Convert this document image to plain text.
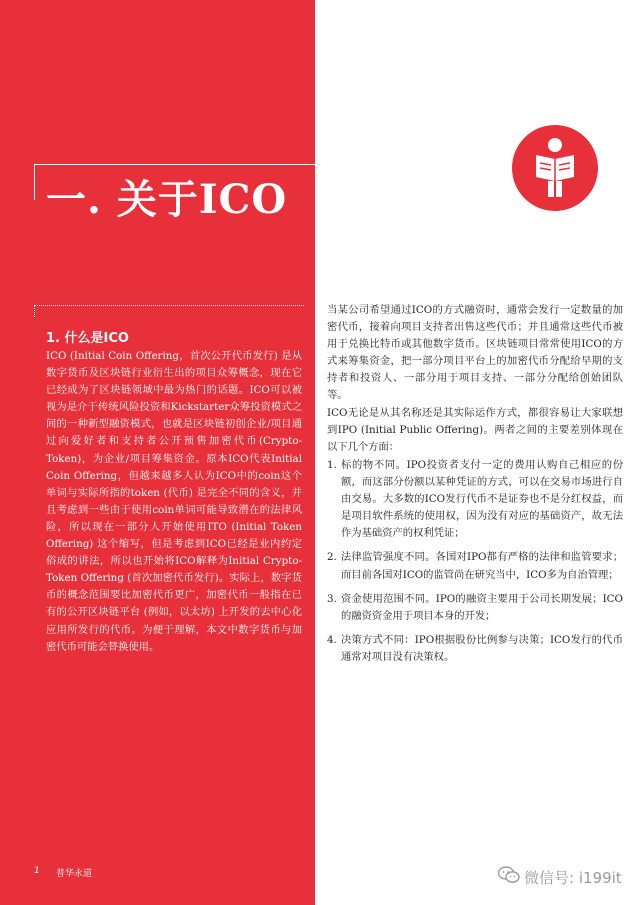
一. 关于ICO
1. 什么是ICO

ICO (Initial Coin Offering，首次公开代币发行) 是从数字货币及区块链行业衍生出的项目众筹概念，现在它已经成为了区块链领域中最为热门的话题。ICO可以被视为是介于传统风险投资和Kickstarter众筹投资模式之间的一种新型融资模式，也就是区块链初创企业/项目通过向爱好者和支持者公开预售加密代币(Crypto-Token)，为企业/项目筹集资金。原本ICO代表Initial Coin Offering，但越来越多人认为ICO中的coin这个单词与实际所指的token (代币) 是完全不同的含义，并且考虑到一些由于使用coin单词可能导致潜在的法律风险，所以现在一部分人开始使用ITO (Initial Token Offering) 这个缩写，但是考虑到ICO已经是业内约定俗成的讲法，所以也开始将ICO解释为Initial Crypto-Token Offering (首次加密代币发行)。实际上，数字货币的概念范围要比加密代币更广，加密代币一般指在已有的公开区块链平台 (例如，以太坊) 上开发的去中心化应用所发行的代币。为便于理解，本文中数字货币与加密代币可能会替换使用。

当某公司希望通过ICO的方式融资时，通常会发行一定数量的加密代币，接着向项目支持者出售这些代币；并且通常这些代币被用于兑换比特币或其他数字货币。区块链项目常常使用ICO的方式来筹集资金，把一部分项目平台上的加密代币分配给早期的支持者和投资人、一部分用于项目支持、一部分分配给创始团队等。

ICO无论是从其名称还是其实际运作方式，都很容易让大家联想到IPO (Initial Public Offering)。两者之间的主要差别体现在以下几个方面：

1. 标的物不同。IPO投资者支付一定的费用认购自己相应的份额，而这部分份额以某种凭证的方式，可以在交易市场进行自由交易。大多数的ICO发行代币不是证券也不是分红权益，而是项目软件系统的使用权，因为没有对应的基础资产，故无法作为基础资产的权利凭证；
2. 法律监管强度不同。各国对IPO都有严格的法律和监管要求；而目前各国对ICO的监管尚在研究当中，ICO多为自治管理；
3. 资金使用范围不同。IPO的融资主要用于公司长期发展；ICO的融资资金用于项目本身的开发；
4. 决策方式不同：IPO根据股份比例参与决策；ICO发行的代币通常对项目没有决策权。
1 普华永道	微信号: i199it
